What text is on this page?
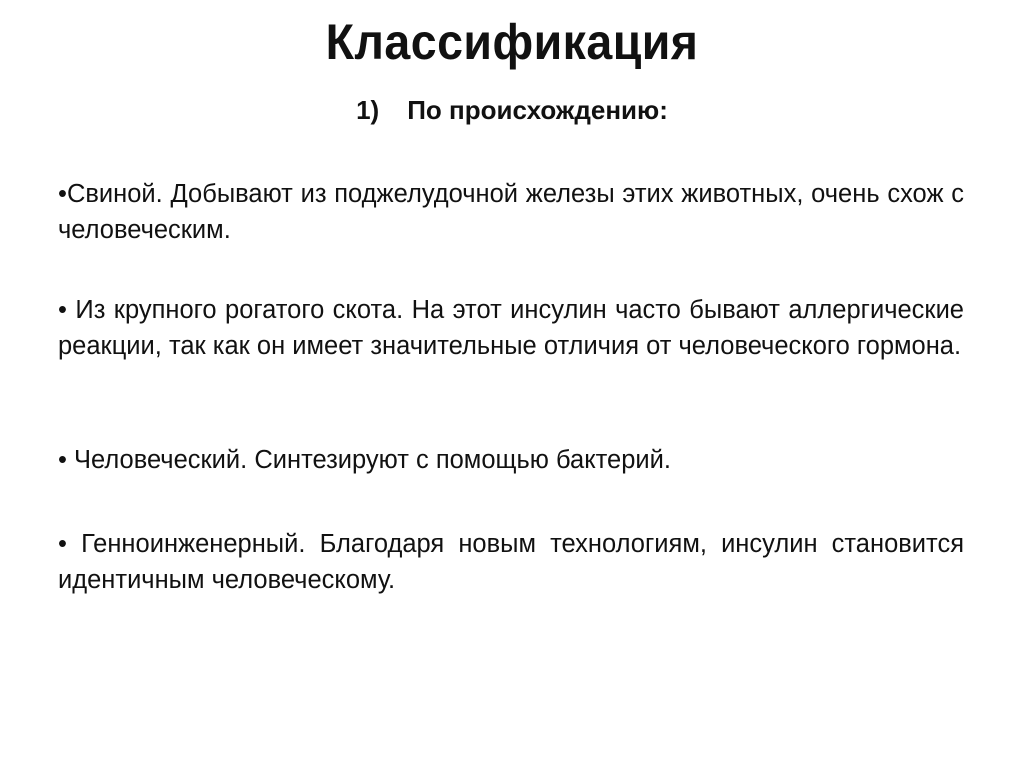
Классификация
1) По происхождению:
•Свиной. Добывают из поджелудочной железы этих животных, очень схож с человеческим.
• Из крупного рогатого скота. На этот инсулин часто бывают аллергические реакции, так как он имеет значительные отличия от человеческого гормона.
• Человеческий. Синтезируют с помощью бактерий.
• Генноинженерный. Благодаря новым технологиям, инсулин становится идентичным человеческому.
